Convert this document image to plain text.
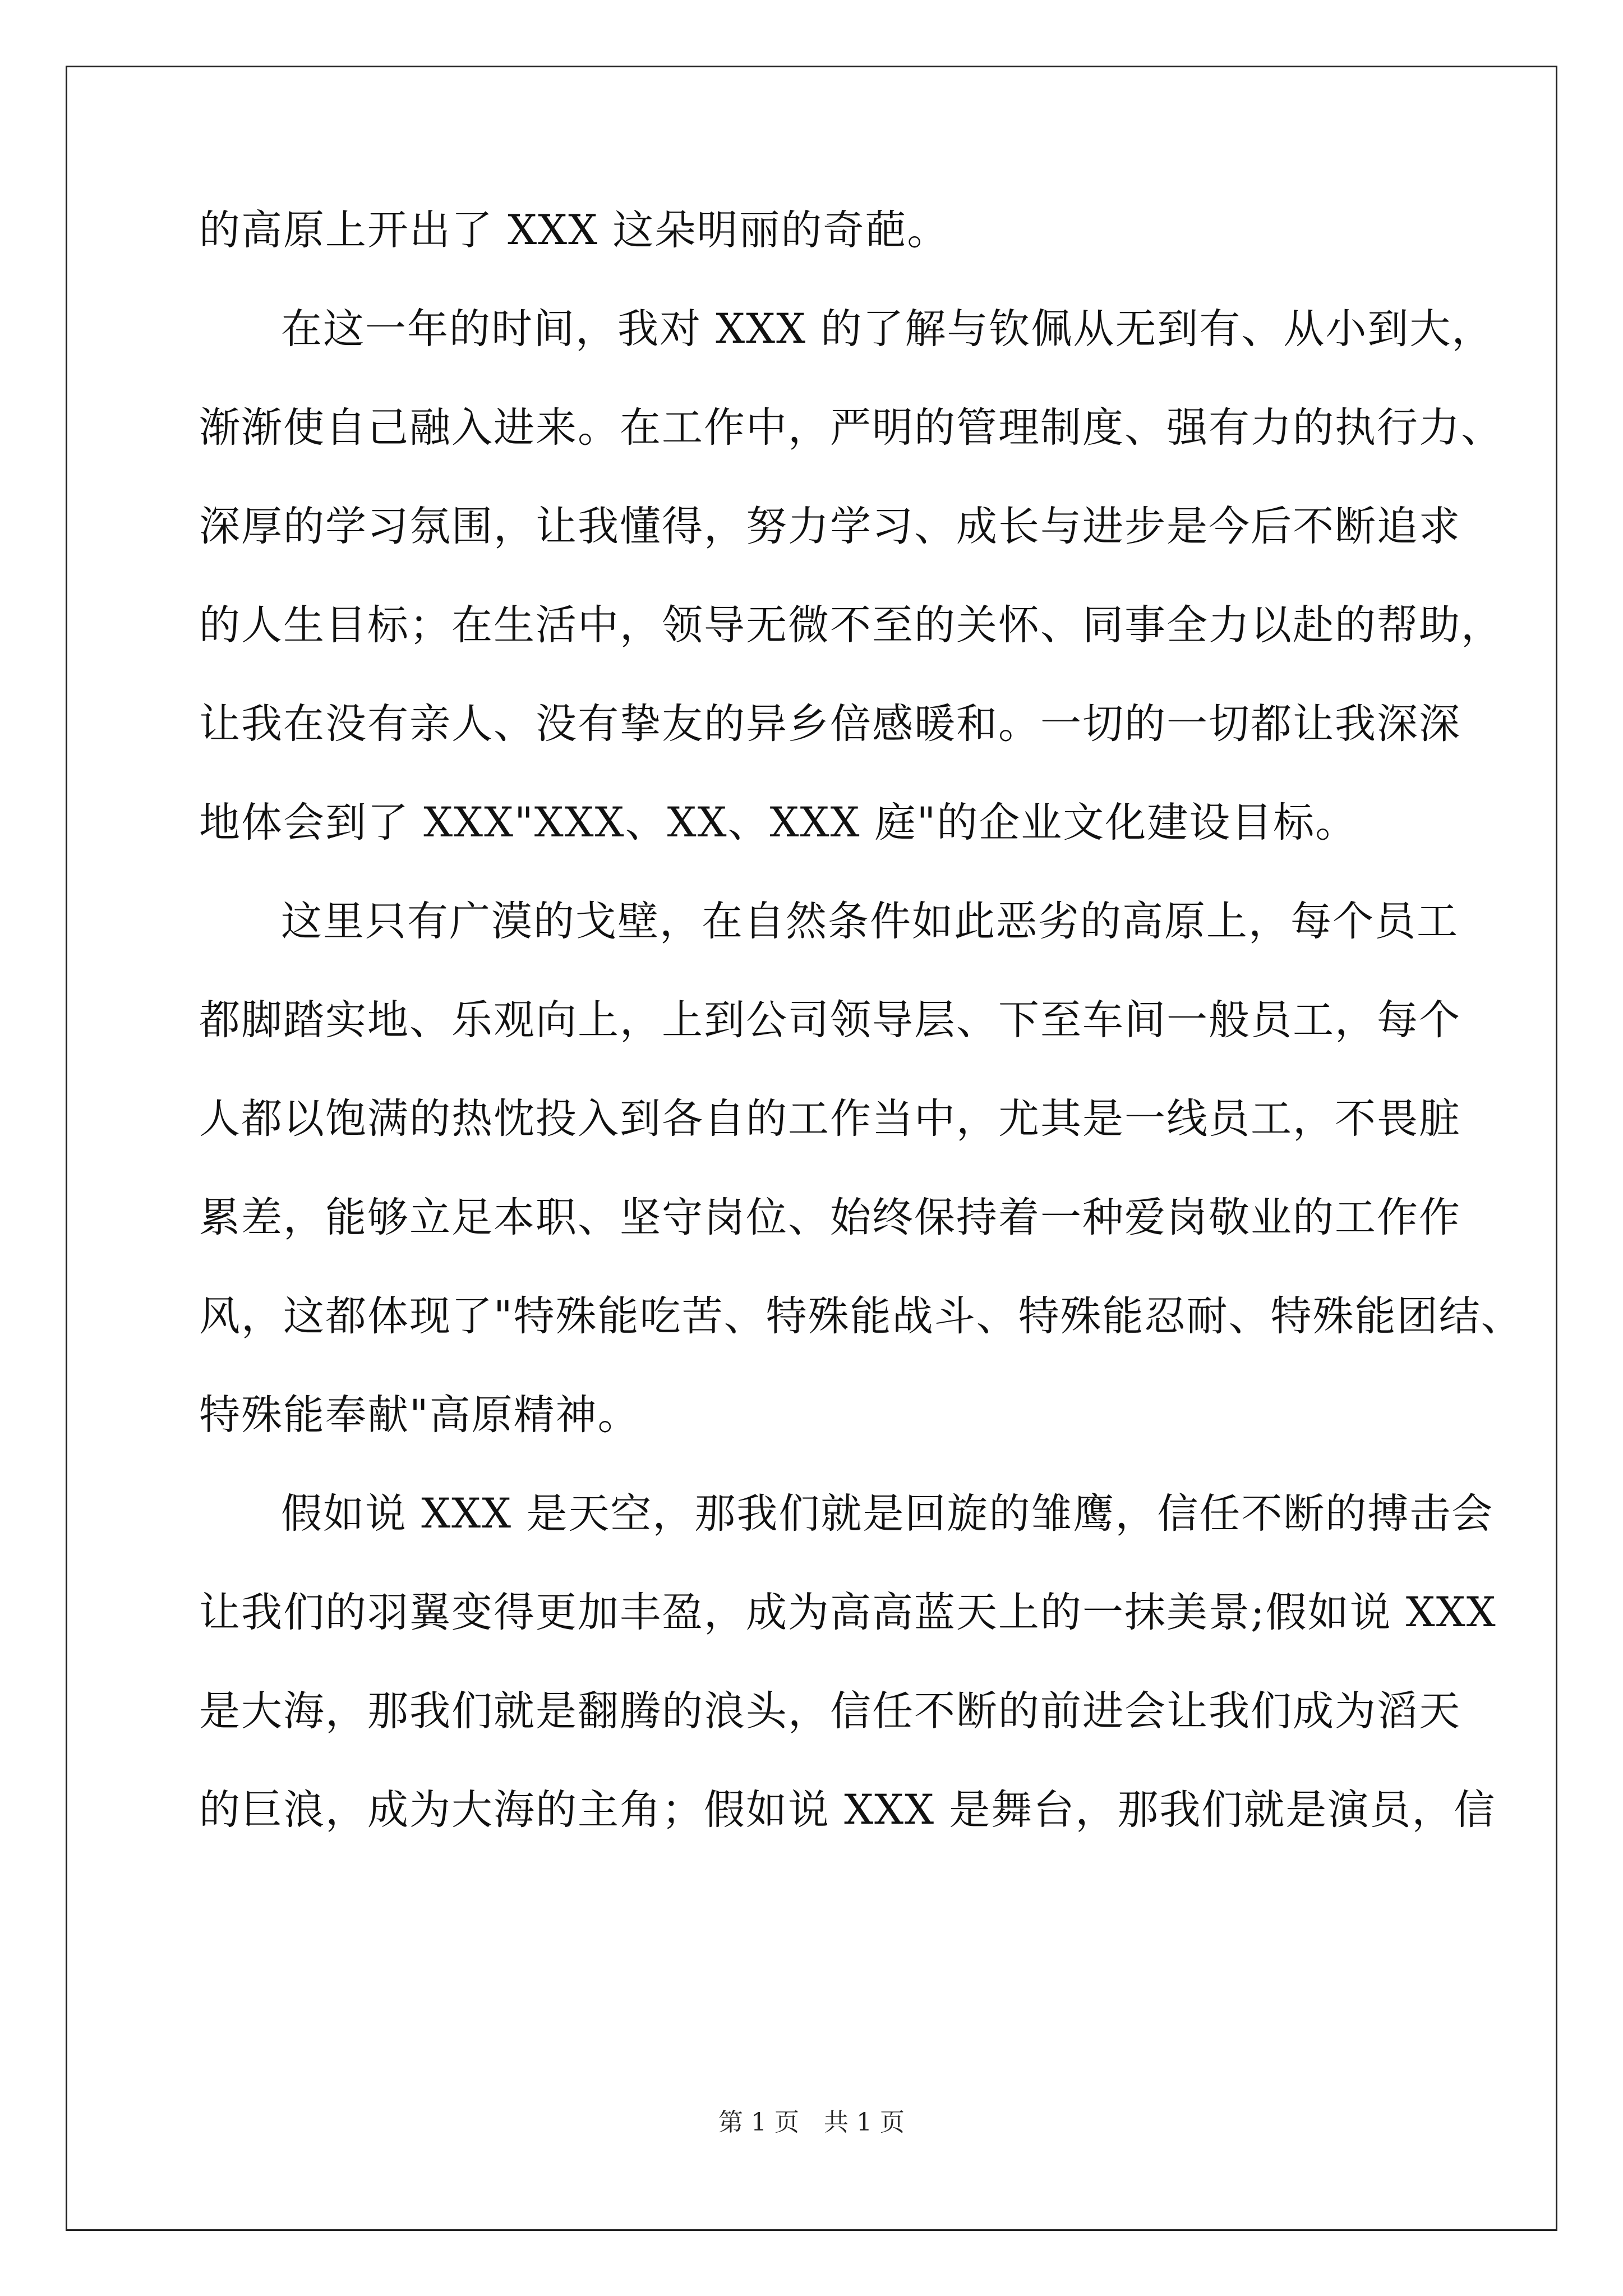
的高原上开出了 XXX 这朵明丽的奇葩。
在这一年的时间，我对 XXX 的了解与钦佩从无到有、从小到大，
渐渐使自己融入进来。在工作中，严明的管理制度、强有力的执行力、
深厚的学习氛围，让我懂得，努力学习、成长与进步是今后不断追求
的人生目标；在生活中，领导无微不至的关怀、同事全力以赴的帮助，
让我在没有亲人、没有挚友的异乡倍感暖和。一切的一切都让我深深
地体会到了 XXX"XXX、XX、XXX 庭"的企业文化建设目标。
这里只有广漠的戈壁，在自然条件如此恶劣的高原上，每个员工
都脚踏实地、乐观向上，上到公司领导层、下至车间一般员工，每个
人都以饱满的热忱投入到各自的工作当中，尤其是一线员工，不畏脏
累差，能够立足本职、坚守岗位、始终保持着一种爱岗敬业的工作作
风，这都体现了"特殊能吃苦、特殊能战斗、特殊能忍耐、特殊能团结、
特殊能奉献"高原精神。
假如说 XXX 是天空，那我们就是回旋的雏鹰，信任不断的搏击会
让我们的羽翼变得更加丰盈，成为高高蓝天上的一抹美景;假如说 XXX
是大海，那我们就是翻腾的浪头，信任不断的前进会让我们成为滔天
的巨浪，成为大海的主角；假如说 XXX 是舞台，那我们就是演员，信
第 1 页　共 1 页
